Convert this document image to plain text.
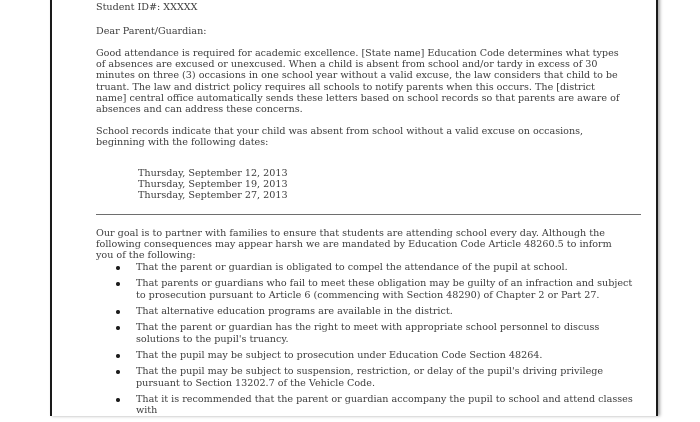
Student ID#: XXXXX
Dear Parent/Guardian:
Good attendance is required for academic excellence. [State name] Education Code determines what types of absences are excused or unexcused. When a child is absent from school and/or tardy in excess of 30 minutes on three (3) occasions in one school year without a valid excuse, the law considers that child to be truant. The law and district policy requires all schools to notify parents when this occurs. The [district name] central office automatically sends these letters based on school records so that parents are aware of absences and can address these concerns.
School records indicate that your child was absent from school without a valid excuse on occasions, beginning with the following dates:
Thursday, September 12, 2013
Thursday, September 19, 2013
Thursday, September 27, 2013
Our goal is to partner with families to ensure that students are attending school every day. Although the following consequences may appear harsh we are mandated by Education Code Article 48260.5 to inform you of the following:
That the parent or guardian is obligated to compel the attendance of the pupil at school.
That parents or guardians who fail to meet these obligation may be guilty of an infraction and subject to prosecution pursuant to Article 6 (commencing with Section 48290) of Chapter 2 or Part 27.
That alternative education programs are available in the district.
That the parent or guardian has the right to meet with appropriate school personnel to discuss solutions to the pupil's truancy.
That the pupil may be subject to prosecution under Education Code Section 48264.
That the pupil may be subject to suspension, restriction, or delay of the pupil's driving privilege pursuant to Section 13202.7 of the Vehicle Code.
That it is recommended that the parent or guardian accompany the pupil to school and attend classes with
